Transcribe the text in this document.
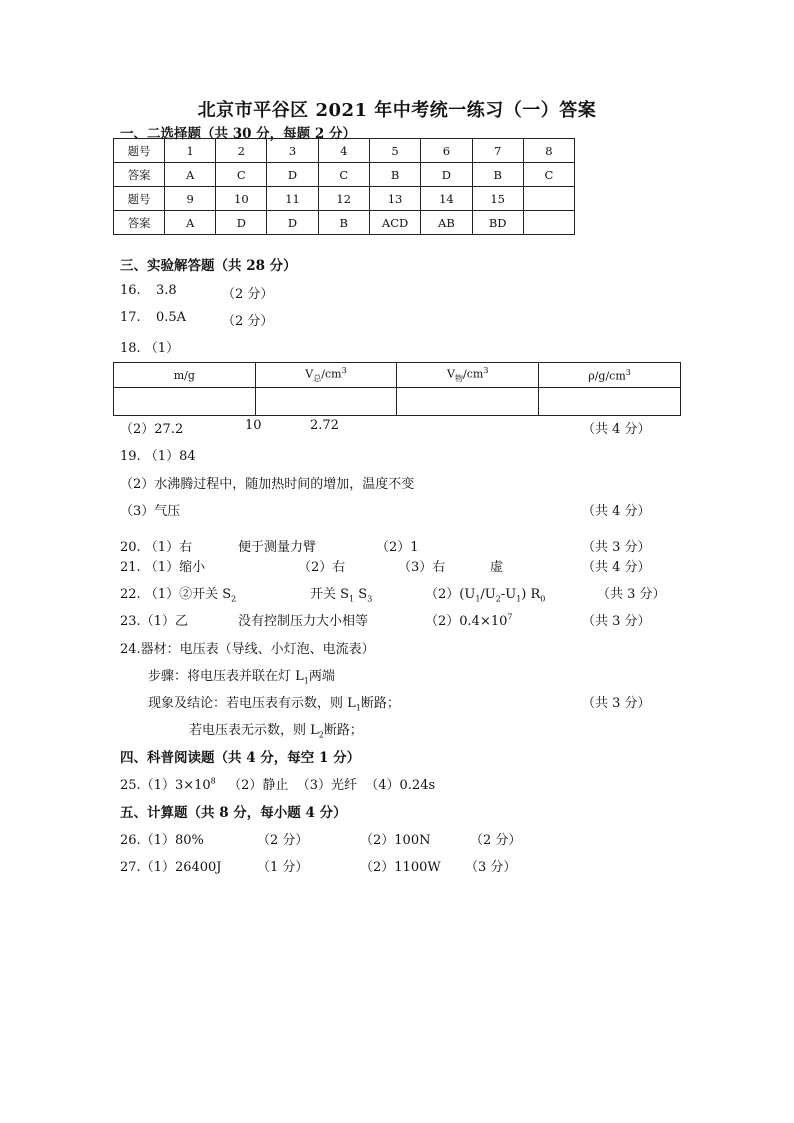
北京市平谷区 2021 年中考统一练习（一）答案
一、二选择题（共 30 分，每题 2 分）
题号	1	2	3	4	5	6	7	8
答案	A	C	D	C	B	D	B	C
题号	9	10	11	12	13	14	15	
答案	A	D	D	B	ACD	AB	BD	
三、实验解答题（共 28 分）
16. 3.8	（2 分）
17. 0.5A	（2 分）
18. （1）
m/g	$V_总/cm^3$	$V_物/cm^3$	$\rho/g/cm^3$

（2）27.2	10	2.72	（共 4 分）
19. （1）84
（2）水沸腾过程中，随加热时间的增加，温度不变
（3）气压	（共 4 分）
20. （1）右	便于测量力臂	（2）1	（共 3 分）
21. （1）缩小	（2）右	（3）右	虚	（共 4 分）
22. （1）②开关 $S_2$	开关 $S_1$ $S_3$	$(2)(U_1/U_2-U_1)$ $R_0$	（共 3 分）
23.（1）乙	没有控制压力大小相等	$(2)0.4\times 10^7$	（共 3 分）
24.器材：电压表（导线、小灯泡、电流表）
步骤：将电压表并联在灯 $L_1$两端
现象及结论：若电压表有示数，则 $L_1$断路；	（共 3 分）
若电压表无示数，则 $L_2$断路；
四、科普阅读题（共 4 分，每空 1 分）
$25.(1)3\times 10^8$ （2）静止 （3）光纤 （4）0.24s
五、计算题（共 8 分，每小题 4 分）
26.（1）80%	（2 分）	（2）100N	（2 分）
27.（1）26400J	（1 分）	（2）1100W （3 分）
